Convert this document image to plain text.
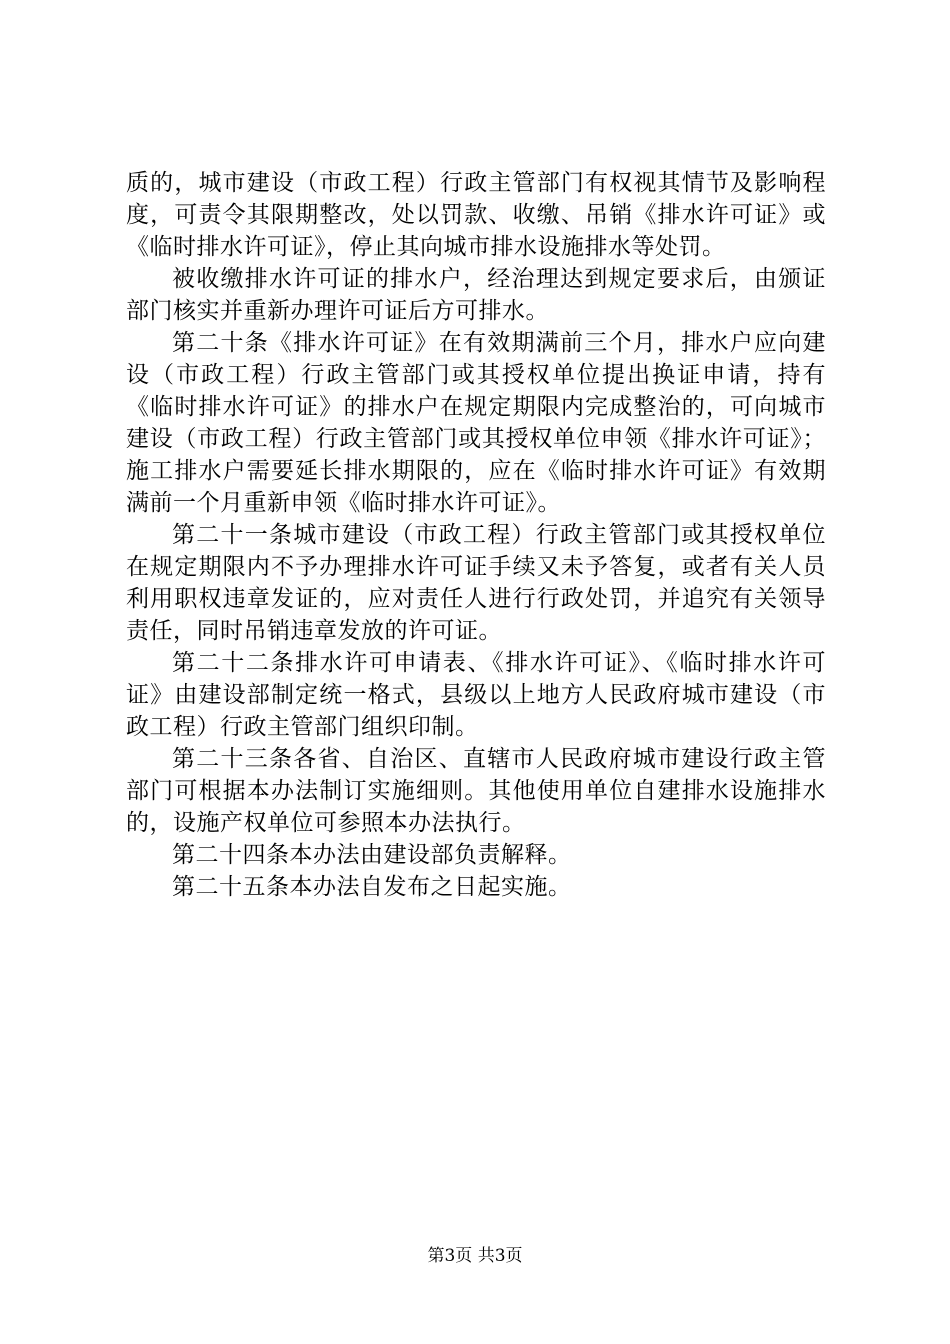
质的，城市建设（市政工程）行政主管部门有权视其情节及影响程度，可责令其限期整改，处以罚款、收缴、吊销《排水许可证》或《临时排水许可证》，停止其向城市排水设施排水等处罚。

被收缴排水许可证的排水户，经治理达到规定要求后，由颁证部门核实并重新办理许可证后方可排水。

第二十条《排水许可证》在有效期满前三个月，排水户应向建设（市政工程）行政主管部门或其授权单位提出换证申请，持有《临时排水许可证》的排水户在规定期限内完成整治的，可向城市建设（市政工程）行政主管部门或其授权单位申领《排水许可证》；施工排水户需要延长排水期限的，应在《临时排水许可证》有效期满前一个月重新申领《临时排水许可证》。

第二十一条城市建设（市政工程）行政主管部门或其授权单位在规定期限内不予办理排水许可证手续又未予答复，或者有关人员利用职权违章发证的，应对责任人进行行政处罚，并追究有关领导责任，同时吊销违章发放的许可证。

第二十二条排水许可申请表、《排水许可证》、《临时排水许可证》由建设部制定统一格式，县级以上地方人民政府城市建设（市政工程）行政主管部门组织印制。

第二十三条各省、自治区、直辖市人民政府城市建设行政主管部门可根据本办法制订实施细则。其他使用单位自建排水设施排水的，设施产权单位可参照本办法执行。

第二十四条本办法由建设部负责解释。

第二十五条本办法自发布之日起实施。

第3页 共3页
